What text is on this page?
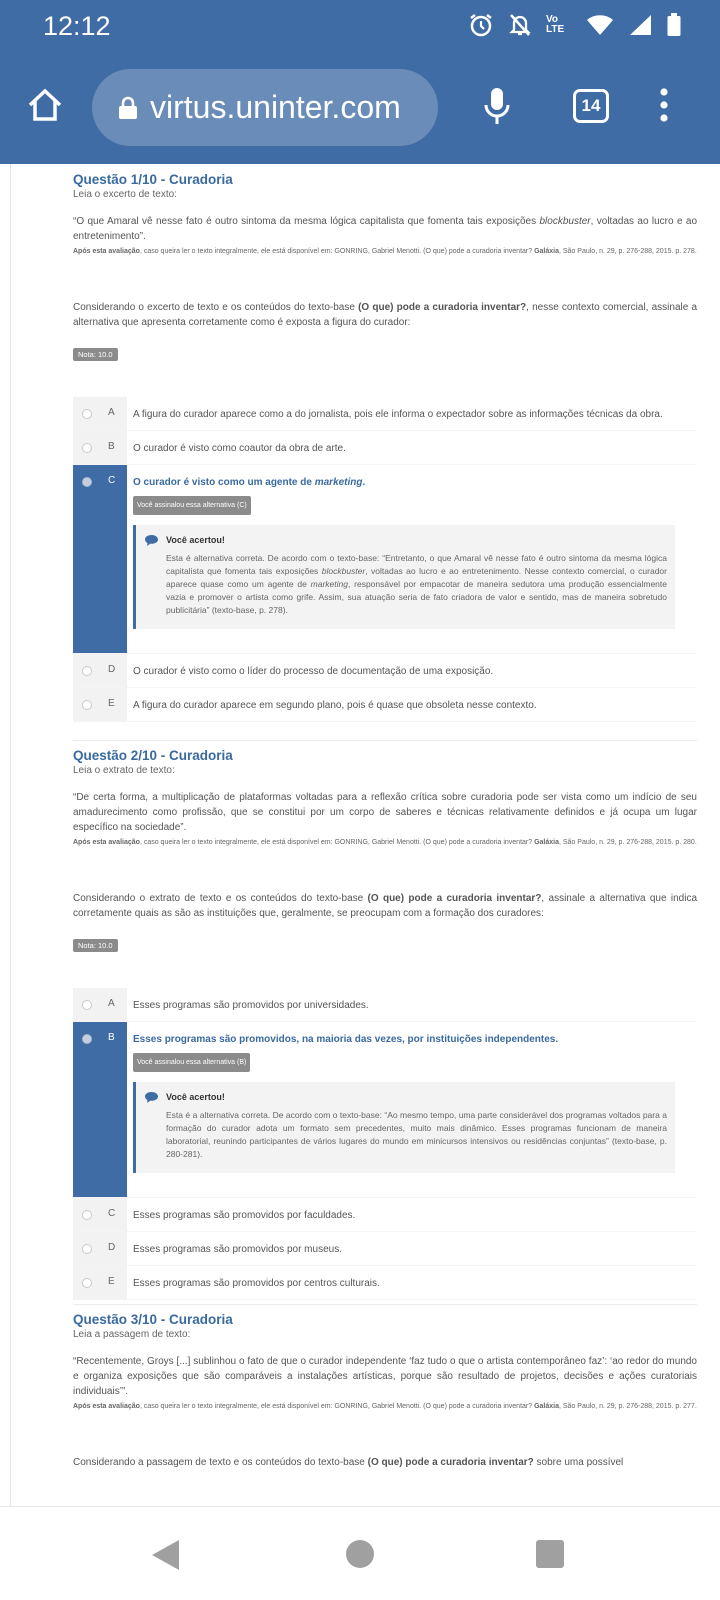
12:12	Vo
LTE
virtus.uninter.com	14
Questão 1/10 - Curadoria
Leia o excerto de texto:
“O que Amaral vê nesse fato é outro sintoma da mesma lógica capitalista que fomenta tais exposições blockbuster, voltadas ao lucro e ao entretenimento”.
Após esta avaliação, caso queira ler o texto integralmente, ele está disponível em: GONRING, Gabriel Menotti. (O que) pode a curadoria inventar? Galáxia, São Paulo, n. 29, p. 276-288, 2015. p. 278.
Considerando o excerto de texto e os conteúdos do texto-base (O que) pode a curadoria inventar?, nesse contexto comercial, assinale a alternativa que apresenta corretamente como é exposta a figura do curador:
Nota: 10.0
A	A figura do curador aparece como a do jornalista, pois ele informa o expectador sobre as informações técnicas da obra.
B	O curador é visto como coautor da obra de arte.
C O curador é visto como um agente de marketing.
Você assinalou essa alternativa (C)
Você acertou!
Esta é alternativa correta. De acordo com o texto-base: “Entretanto, o que Amaral vê nesse fato é outro sintoma da mesma lógica capitalista que fomenta tais exposições blockbuster, voltadas ao lucro e ao entretenimento. Nesse contexto comercial, o curador aparece quase como um agente de marketing, responsável por empacotar de maneira sedutora uma produção essencialmente vazia e promover o artista como grife. Assim, sua atuação seria de fato criadora de valor e sentido, mas de maneira sobretudo publicitária” (texto-base, p. 278).
D	O curador é visto como o líder do processo de documentação de uma exposição.
E	A figura do curador aparece em segundo plano, pois é quase que obsoleta nesse contexto.
Questão 2/10 - Curadoria
Leia o extrato de texto:
“De certa forma, a multiplicação de plataformas voltadas para a reflexão crítica sobre curadoria pode ser vista como um indício de seu amadurecimento como profissão, que se constitui por um corpo de saberes e técnicas relativamente definidos e já ocupa um lugar específico na sociedade”.
Após esta avaliação, caso queira ler o texto integralmente, ele está disponível em: GONRING, Gabriel Menotti. (O que) pode a curadoria inventar? Galáxia, São Paulo, n. 29, p. 276-288, 2015. p. 280.
Considerando o extrato de texto e os conteúdos do texto-base (O que) pode a curadoria inventar?, assinale a alternativa que indica corretamente quais as são as instituições que, geralmente, se preocupam com a formação dos curadores:
Nota: 10.0
A	Esses programas são promovidos por universidades.
B Esses programas são promovidos, na maioria das vezes, por instituições independentes.
Você assinalou essa alternativa (B)
Você acertou!
Esta é a alternativa correta. De acordo com o texto-base: “Ao mesmo tempo, uma parte considerável dos programas voltados para a formação do curador adota um formato sem precedentes, muito mais dinâmico. Esses programas funcionam de maneira laboratorial, reunindo participantes de vários lugares do mundo em minicursos intensivos ou residências conjuntas” (texto-base, p. 280-281).
C	Esses programas são promovidos por faculdades.
D	Esses programas são promovidos por museus.
E	Esses programas são promovidos por centros culturais.
Questão 3/10 - Curadoria
Leia a passagem de texto:
“Recentemente, Groys [...] sublinhou o fato de que o curador independente ‘faz tudo o que o artista contemporâneo faz’: ‘ao redor do mundo e organiza exposições que são comparáveis a instalações artísticas, porque são resultado de projetos, decisões e ações curatoriais individuais’”.
Após esta avaliação, caso queira ler o texto integralmente, ele está disponível em: GONRING, Gabriel Menotti. (O que) pode a curadoria inventar? Galáxia, São Paulo, n. 29, p. 276-288, 2015. p. 277.
Considerando a passagem de texto e os conteúdos do texto-base (O que) pode a curadoria inventar? sobre uma possível
